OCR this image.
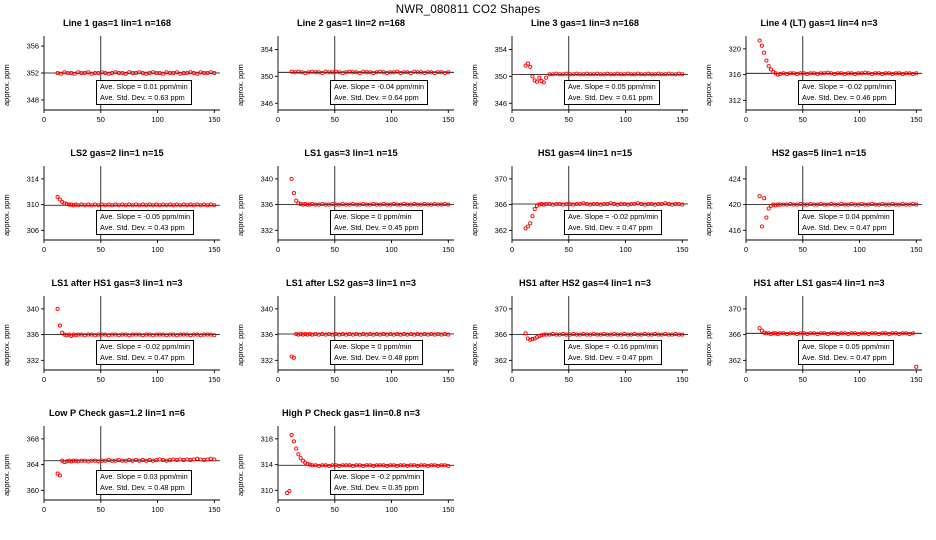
NWR_080811 CO2 Shapes
Line 1 gas=1 lin=1 n=168
approx. ppm
0	50	100	150
348
352
356
Ave. Slope = 0.01 ppm/min
Ave. Std. Dev. = 0.63 ppm
Line 2 gas=1 lin=2 n=168
approx. ppm
0	50	100	150
346
350
354
Ave. Slope = -0.04 ppm/min
Ave. Std. Dev. = 0.64 ppm
Line 3 gas=1 lin=3 n=168
approx. ppm
0	50	100	150
346
350
354
Ave. Slope = 0.05 ppm/min
Ave. Std. Dev. = 0.61 ppm
Line 4 (LT) gas=1 lin=4 n=3
approx. ppm
0	50	100	150
312
316
320
Ave. Slope = -0.02 ppm/min
Ave. Std. Dev. = 0.46 ppm
LS2 gas=2 lin=1 n=15
approx. ppm
0	50	100	150
306
310
314
Ave. Slope = -0.05 ppm/min
Ave. Std. Dev. = 0.43 ppm
LS1 gas=3 lin=1 n=15
approx. ppm
0	50	100	150
332
336
340
Ave. Slope = 0 ppm/min
Ave. Std. Dev. = 0.45 ppm
HS1 gas=4 lin=1 n=15
approx. ppm
0	50	100	150
362
366
370
Ave. Slope = -0.02 ppm/min
Ave. Std. Dev. = 0.47 ppm
HS2 gas=5 lin=1 n=15
approx. ppm
0	50	100	150
416
420
424
Ave. Slope = 0.04 ppm/min
Ave. Std. Dev. = 0.47 ppm
LS1 after HS1 gas=3 lin=1 n=3
approx. ppm
0	50	100	150
332
336
340
Ave. Slope = -0.02 ppm/min
Ave. Std. Dev. = 0.47 ppm
LS1 after LS2 gas=3 lin=1 n=3
approx. ppm
0	50	100	150
332
336
340
Ave. Slope = 0 ppm/min
Ave. Std. Dev. = 0.48 ppm
HS1 after HS2 gas=4 lin=1 n=3
approx. ppm
0	50	100	150
362
366
370
Ave. Slope = -0.16 ppm/min
Ave. Std. Dev. = 0.47 ppm
HS1 after LS1 gas=4 lin=1 n=3
approx. ppm
0	50	100	150
362
366
370
Ave. Slope = 0.05 ppm/min
Ave. Std. Dev. = 0.47 ppm
Low P Check gas=1.2 lin=1 n=6
approx. ppm
0	50	100	150
360
364
368
Ave. Slope = 0.03 ppm/min
Ave. Std. Dev. = 0.48 ppm
High P Check gas=1 lin=0.8 n=3
approx. ppm
0	50	100	150
310
314
318
Ave. Slope = -0.2 ppm/min
Ave. Std. Dev. = 0.35 ppm
